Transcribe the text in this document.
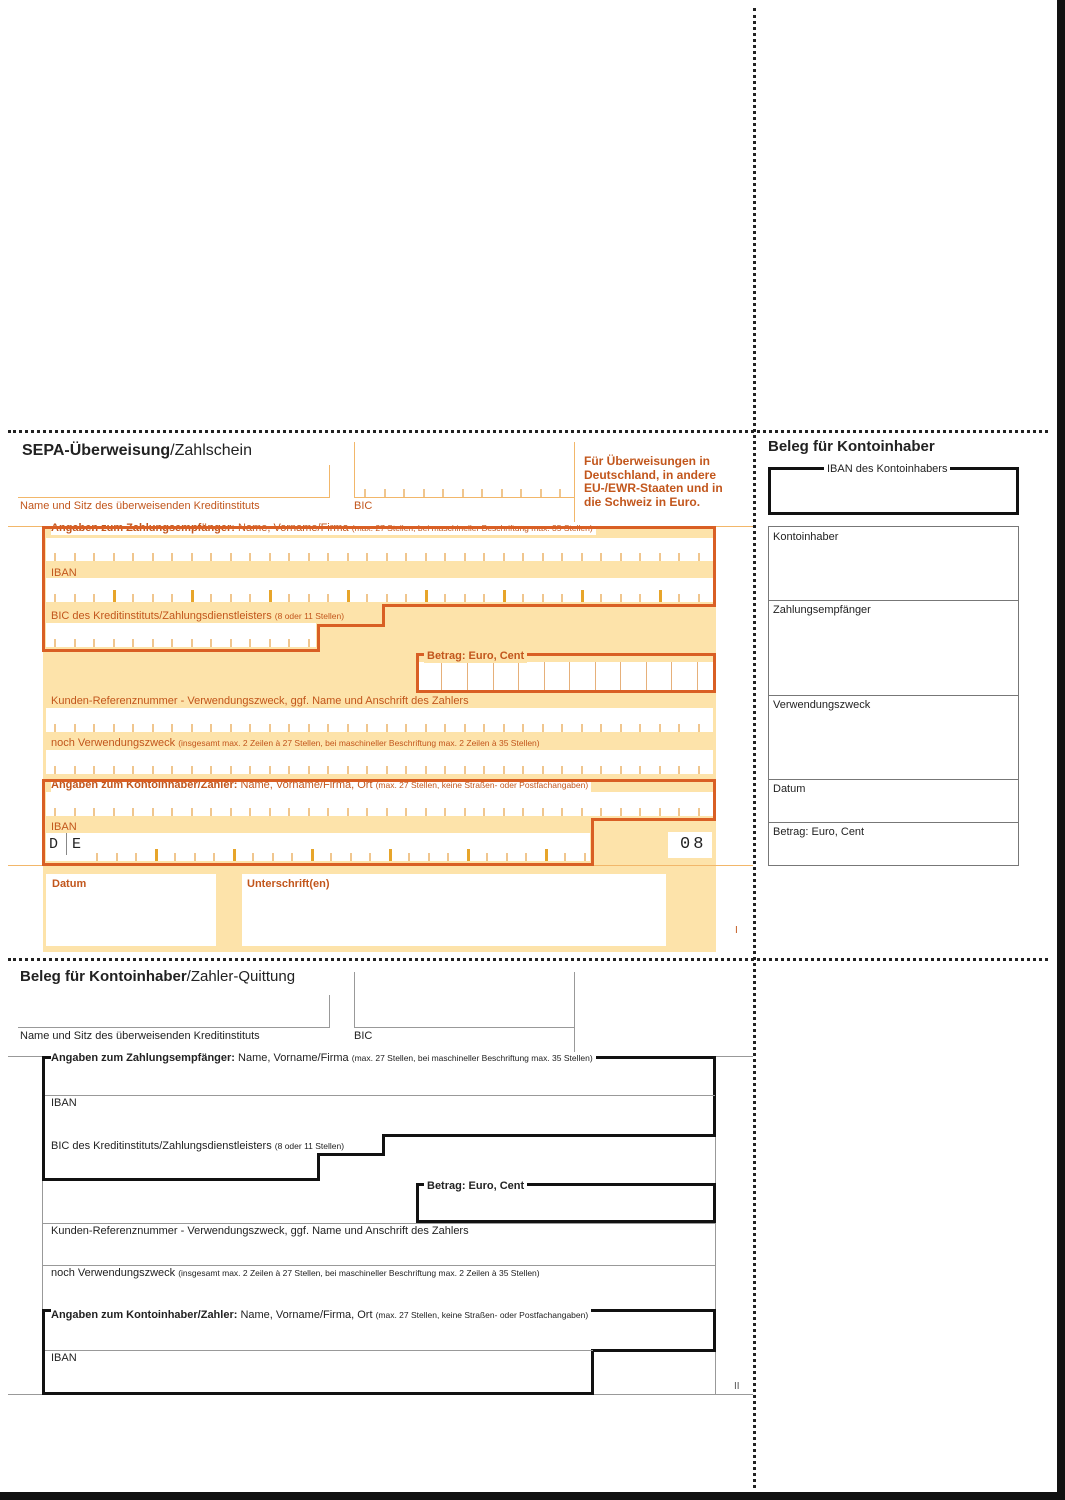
SEPA-Überweisung/Zahlschein
Name und Sitz des überweisenden Kreditinstituts	BIC
Für Überweisungen in Deutschland, in andere EU-/EWR-Staaten und in die Schweiz in Euro.
Angaben zum Zahlungsempfänger: Name, Vorname/Firma (max. 27 Stellen, bei maschineller Beschriftung max. 35 Stellen)
IBAN
BIC des Kreditinstituts/Zahlungsdienstleisters (8 oder 11 Stellen)
Betrag: Euro, Cent
Kunden-Referenznummer - Verwendungszweck, ggf. Name und Anschrift des Zahlers
noch Verwendungszweck (insgesamt max. 2 Zeilen à 27 Stellen, bei maschineller Beschriftung max. 2 Zeilen à 35 Stellen)
Angaben zum Kontoinhaber/Zahler: Name, Vorname/Firma, Ort (max. 27 Stellen, keine Straßen- oder Postfachangaben)
IBAN
D E	08
Datum	Unterschrift(en)
I
Beleg für Kontoinhaber
IBAN des Kontoinhabers
Kontoinhaber
Zahlungsempfänger
Verwendungszweck
Datum
Betrag: Euro, Cent
Beleg für Kontoinhaber/Zahler-Quittung
Name und Sitz des überweisenden Kreditinstituts	BIC
Angaben zum Zahlungsempfänger: Name, Vorname/Firma (max. 27 Stellen, bei maschineller Beschriftung max. 35 Stellen)
IBAN
BIC des Kreditinstituts/Zahlungsdienstleisters (8 oder 11 Stellen)
Betrag: Euro, Cent
Kunden-Referenznummer - Verwendungszweck, ggf. Name und Anschrift des Zahlers
noch Verwendungszweck (insgesamt max. 2 Zeilen à 27 Stellen, bei maschineller Beschriftung max. 2 Zeilen à 35 Stellen)
Angaben zum Kontoinhaber/Zahler: Name, Vorname/Firma, Ort (max. 27 Stellen, keine Straßen- oder Postfachangaben)
IBAN
II
